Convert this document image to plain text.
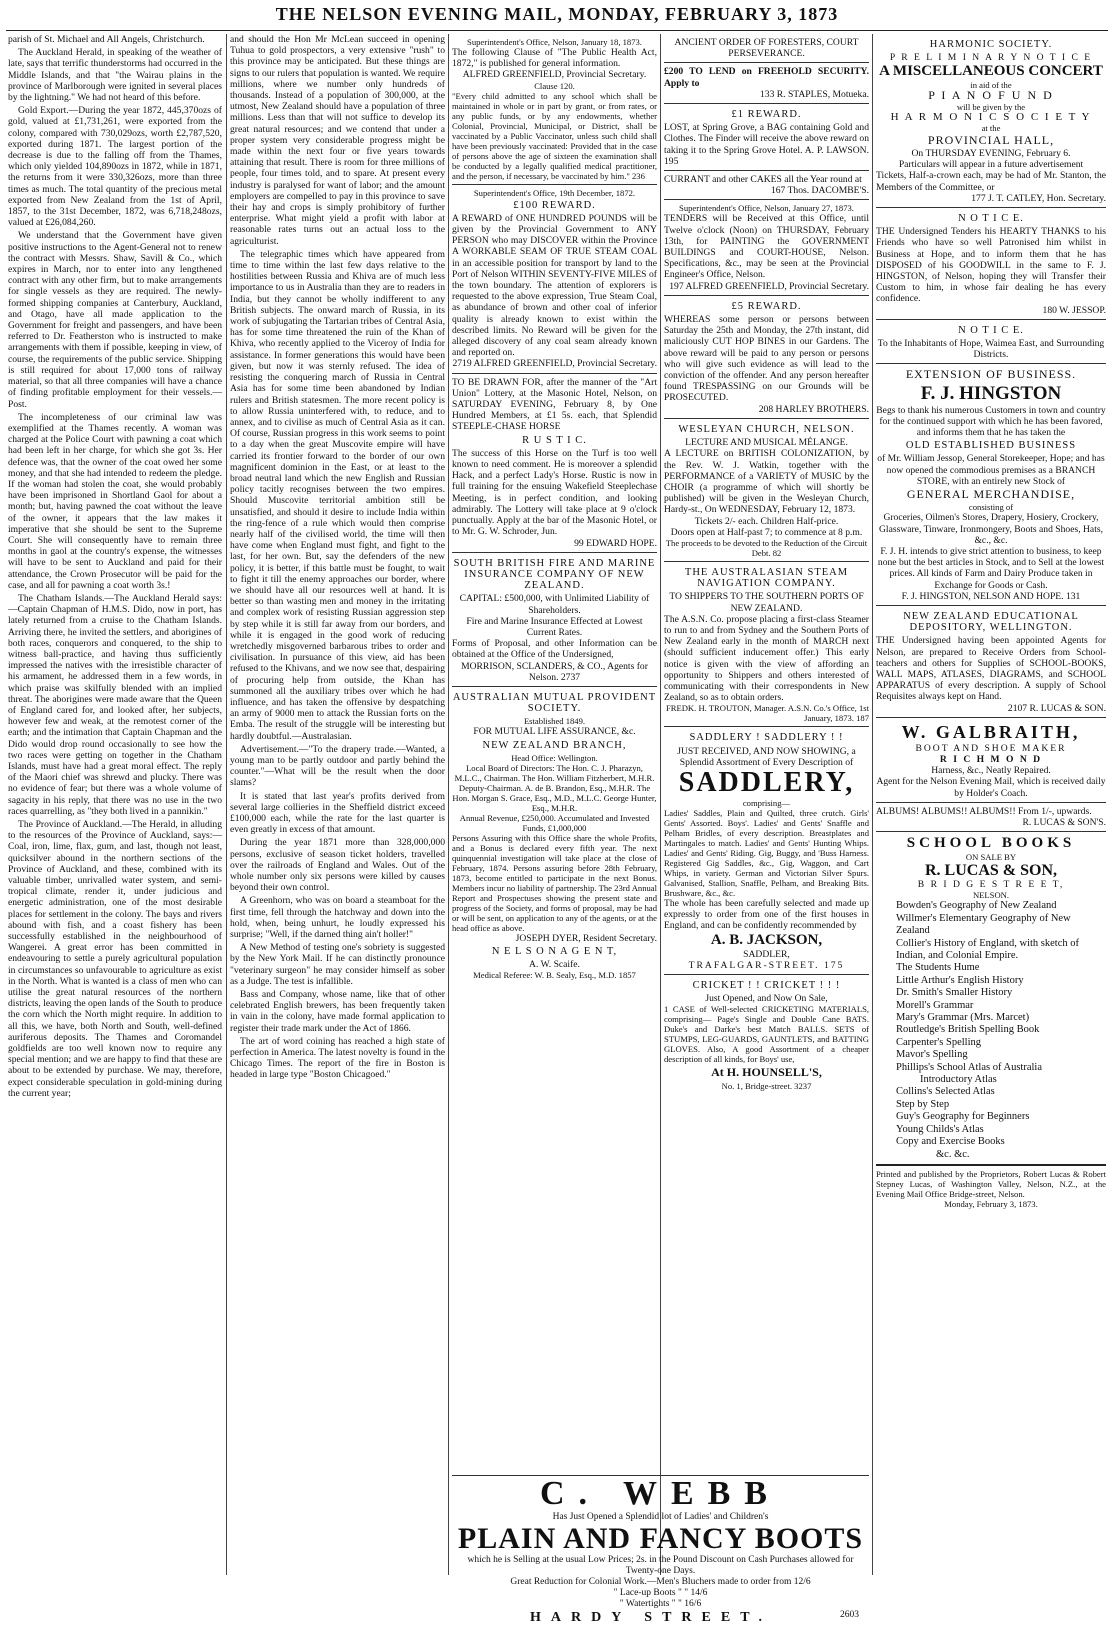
THE NELSON EVENING MAIL, MONDAY, FEBRUARY 3, 1873

parish of St. Michael and All Angels, Christchurch.

The Auckland Herald, in speaking of the weather of late, says that terrific thunderstorms had occurred in the Middle Islands, and that "the Wairau plains in the province of Marlborough were ignited in several places by the lightning." We had not heard of this before.

Gold Export.—During the year 1872, 445,370ozs of gold, valued at £1,731,261, were exported from the colony, compared with 730,029ozs, worth £2,787,520, exported during 1871. The largest portion of the decrease is due to the falling off from the Thames, which only yielded 104,890ozs in 1872, while in 1871, the returns from it were 330,326ozs, more than three times as much. The total quantity of the precious metal exported from New Zealand from the 1st of April, 1857, to the 31st December, 1872, was 6,718,248ozs, valued at £26,084,260.

We understand that the Government have given positive instructions to the Agent-General not to renew the contract with Messrs. Shaw, Savill & Co., which expires in March, nor to enter into any lengthened contract with any other firm, but to make arrangements for single vessels as they are required. The newly-formed shipping companies at Canterbury, Auckland, and Otago, have all made application to the Government for freight and passengers, and have been referred to Dr. Featherston who is instructed to make arrangements with them if possible, keeping in view, of course, the requirements of the public service. Shipping is still required for about 17,000 tons of railway material, so that all three companies will have a chance of finding profitable employment for their vessels.—Post.

The incompleteness of our criminal law was exemplified at the Thames recently. A woman was charged at the Police Court with pawning a coat which had been left in her charge, for which she got 3s. Her defence was, that the owner of the coat owed her some money, and that she had intended to redeem the pledge. If the woman had stolen the coat, she would probably have been imprisoned in Shortland Gaol for about a month; but, having pawned the coat without the leave of the owner, it appears that the law makes it imperative that she should be sent to the Supreme Court. She will consequently have to remain three months in gaol at the country's expense, the witnesses will have to be sent to Auckland and paid for their attendance, the Crown Prosecutor will be paid for the case, and all for pawning a coat worth 3s.!

The Chatham Islands.—The Auckland Herald says:—Captain Chapman of H.M.S. Dido, now in port, has lately returned from a cruise to the Chatham Islands. Arriving there, he invited the settlers, and aborigines of both races, conquerors and conquered, to the ship to witness ball-practice, and having thus sufficiently impressed the natives with the irresistible character of his armament, he addressed them in a few words, in which praise was skilfully blended with an implied threat. The aborigines were made aware that the Queen of England cared for, and looked after, her subjects, however few and weak, at the remotest corner of the earth; and the intimation that Captain Chapman and the Dido would drop round occasionally to see how the two races were getting on together in the Chatham Islands, must have had a great moral effect. The reply of the Maori chief was shrewd and plucky. There was no evidence of fear; but there was a whole volume of sagacity in his reply, that there was no use in the two races quarrelling, as "they both lived in a pannikin."

The Province of Auckland.—The Herald, in alluding to the resources of the Province of Auckland, says:—Coal, iron, lime, flax, gum, and last, though not least, quicksilver abound in the northern sections of the Province of Auckland, and these, combined with its valuable timber, unrivalled water system, and semi-tropical climate, render it, under judicious and energetic administration, one of the most desirable places for settlement in the colony. The bays and rivers abound with fish, and a coast fishery has been successfully established in the neighbourhood of Wangerei. A great error has been committed in endeavouring to settle a purely agricultural population in circumstances so unfavourable to agriculture as exist in the North. What is wanted is a class of men who can utilise the great natural resources of the northern districts, leaving the open lands of the South to produce the corn which the North might require. In addition to all this, we have, both North and South, well-defined auriferous deposits. The Thames and Coromandel goldfields are too well known now to require any special mention; and we are happy to find that these are about to be extended by purchase. We may, therefore, expect considerable speculation in gold-mining during the current year;

and should the Hon Mr McLean succeed in opening Tuhua to gold prospectors, a very extensive "rush" to this province may be anticipated. But these things are signs to our rulers that population is wanted. We require millions, where we number only hundreds of thousands. Instead of a population of 300,000, at the utmost, New Zealand should have a population of three millions. Less than that will not suffice to develop its great natural resources; and we contend that under a proper system very considerable progress might be made within the next four or five years towards attaining that result. There is room for three millions of people, four times told, and to spare. At present every industry is paralysed for want of labor; and the amount employers are compelled to pay in this province to save their hay and crops is simply prohibitory of further enterprise. What might yield a profit with labor at reasonable rates turns out an actual loss to the agriculturist.

The telegraphic times which have appeared from time to time within the last few days relative to the hostilities between Russia and Khiva are of much less importance to us in Australia than they are to readers in India, but they cannot be wholly indifferent to any British subjects. The onward march of Russia, in its work of subjugating the Tartarian tribes of Central Asia, has for some time threatened the ruin of the Khan of Khiva, who recently applied to the Viceroy of India for assistance. In former generations this would have been given, but now it was sternly refused. The idea of resisting the conquering march of Russia in Central Asia has for some time been abandoned by Indian rulers and British statesmen. The more recent policy is to allow Russia uninterfered with, to reduce, and to annex, and to civilise as much of Central Asia as it can. Of course, Russian progress in this work seems to point to a day when the great Muscovite empire will have carried its frontier forward to the border of our own magnificent dominion in the East, or at least to the broad neutral land which the new English and Russian policy tacitly recognises between the two empires. Should Muscovite territorial ambition still be unsatisfied, and should it desire to include India within the ring-fence of a rule which would then comprise nearly half of the civilised world, the time will then have come when England must fight, and fight to the last, for her own. But, say the defenders of the new policy, it is better, if this battle must be fought, to wait to fight it till the enemy approaches our border, where we should have all our resources well at hand. It is better so than wasting men and money in the irritating and complex work of resisting Russian aggression step by step while it is still far away from our borders, and while it is engaged in the good work of reducing wretchedly misgoverned barbarous tribes to order and civilisation. In pursuance of this view, aid has been refused to the Khivans, and we now see that, despairing of procuring help from outside, the Khan has summoned all the auxiliary tribes over which he had influence, and has taken the offensive by despatching an army of 9000 men to attack the Russian forts on the Emba. The result of the struggle will be interesting but hardly doubtful.—Australasian.

Advertisement.—"To the drapery trade.—Wanted, a young man to be partly outdoor and partly behind the counter."—What will be the result when the door slams?

It is stated that last year's profits derived from several large collieries in the Sheffield district exceed £100,000 each, while the rate for the last quarter is even greatly in excess of that amount.

During the year 1871 more than 328,000,000 persons, exclusive of season ticket holders, travelled over the railroads of England and Wales. Out of the whole number only six persons were killed by causes beyond their own control.

A Greenhorn, who was on board a steamboat for the first time, fell through the hatchway and down into the hold, when, being unhurt, he loudly expressed his surprise; "Well, if the darned thing ain't holler!"

A New Method of testing one's sobriety is suggested by the New York Mail. If he can distinctly pronounce "veterinary surgeon" he may consider himself as sober as a Judge. The test is infallible.

Bass and Company, whose name, like that of other celebrated English brewers, has been frequently taken in vain in the colony, have made formal application to register their trade mark under the Act of 1866.

The art of word coining has reached a high state of perfection in America. The latest novelty is found in the Chicago Times. The report of the fire in Boston is headed in large type "Boston Chicagoed."

Superintendent's Office, Nelson, January 18, 1873.
The following Clause of "The Public Health Act, 1872," is published for general information.
ALFRED GREENFIELD, Provincial Secretary.
Clause 120.
"Every child admitted to any school which shall be maintained in whole or in part by grant, or from rates, or any public funds, or by any endowments, whether Colonial, Provincial, Municipal, or District, shall be vaccinated by a Public Vaccinator, unless such child shall have been previously vaccinated: Provided that in the case of persons above the age of sixteen the examination shall be conducted by a legally qualified medical practitioner, and the person, if necessary, be vaccinated by him." 236
Superintendent's Office, 19th December, 1872.
£100 REWARD.
A REWARD of ONE HUNDRED POUNDS will be given by the Provincial Government to ANY PERSON who may DISCOVER within the Province A WORKABLE SEAM OF TRUE STEAM COAL in an accessible position for transport by land to the Port of Nelson WITHIN SEVENTY-FIVE MILES of the town boundary. The attention of explorers is requested to the above expression, True Steam Coal, as abundance of brown and other coal of inferior quality is already known to exist within the described limits. No Reward will be given for the alleged discovery of any coal seam already known and reported on.
2719 ALFRED GREENFIELD, Provincial Secretary.
TO BE DRAWN FOR, after the manner of the "Art Union" Lottery, at the Masonic Hotel, Nelson, on SATURDAY EVENING, February 8, by One Hundred Members, at £1 5s. each, that Splendid STEEPLE-CHASE HORSE
R U S T I C.
The success of this Horse on the Turf is too well known to need comment. He is moreover a splendid Hack, and a perfect Lady's Horse. Rustic is now in full training for the ensuing Wakefield Steeplechase Meeting, is in perfect condition, and looking admirably. The Lottery will take place at 9 o'clock punctually. Apply at the bar of the Masonic Hotel, or to Mr. G. W. Schroder, Jun.
99 EDWARD HOPE.
SOUTH BRITISH FIRE AND MARINE INSURANCE COMPANY OF NEW ZEALAND.
CAPITAL: £500,000, with Unlimited Liability of Shareholders.
Fire and Marine Insurance Effected at Lowest Current Rates.
Forms of Proposal, and other Information can be obtained at the Office of the Undersigned,
MORRISON, SCLANDERS, & CO., Agents for Nelson. 2737
AUSTRALIAN MUTUAL PROVIDENT SOCIETY.
Established 1849.
FOR MUTUAL LIFE ASSURANCE, &c.
NEW ZEALAND BRANCH,
Head Office: Wellington.
Local Board of Directors: The Hon. C. J. Pharazyn, M.L.C., Chairman. The Hon. William Fitzherbert, M.H.R. Deputy-Chairman. A. de B. Brandon, Esq., M.H.R. The Hon. Morgan S. Grace, Esq., M.D., M.L.C. George Hunter, Esq., M.H.R.
Annual Revenue, £250,000. Accumulated and Invested Funds, £1,000,000
Persons Assuring with this Office share the whole Profits, and a Bonus is declared every fifth year. The next quinquennial investigation will take place at the close of February, 1874. Persons assuring before 28th February, 1873, become entitled to participate in the next Bonus. Members incur no liability of partnership. The 23rd Annual Report and Prospectuses showing the present state and progress of the Society, and forms of proposal, may be had or will be sent, on application to any of the agents, or at the head office as above.
JOSEPH DYER, Resident Secretary.
N E L S O N A G E N T,
A. W. Scaife.
Medical Referee: W. B. Sealy, Esq., M.D. 1857
ANCIENT ORDER OF FORESTERS, COURT PERSEVERANCE.
£200 TO LEND on FREEHOLD SECURITY. Apply to
133 R. STAPLES, Motueka.
£1 REWARD.
LOST, at Spring Grove, a BAG containing Gold and Clothes. The Finder will receive the above reward on taking it to the Spring Grove Hotel. A. P. LAWSON. 195
CURRANT and other CAKES all the Year round at
167 Thos. DACOMBE'S.
Superintendent's Office, Nelson, January 27, 1873.
TENDERS will be Received at this Office, until Twelve o'clock (Noon) on THURSDAY, February 13th, for PAINTING the GOVERNMENT BUILDINGS and COURT-HOUSE, Nelson. Specifications, &c., may be seen at the Provincial Engineer's Office, Nelson.
197 ALFRED GREENFIELD, Provincial Secretary.
£5 REWARD.
WHEREAS some person or persons between Saturday the 25th and Monday, the 27th instant, did maliciously CUT HOP BINES in our Gardens. The above reward will be paid to any person or persons who will give such evidence as will lead to the conviction of the offender. And any person hereafter found TRESPASSING on our Grounds will be PROSECUTED.
208 HARLEY BROTHERS.
WESLEYAN CHURCH, NELSON.
LECTURE AND MUSICAL MÉLANGE.
A LECTURE on BRITISH COLONIZATION, by the Rev. W. J. Watkin, together with the PERFORMANCE of a VARIETY of MUSIC by the CHOIR (a programme of which will shortly be published) will be given in the Wesleyan Church, Hardy-st., On WEDNESDAY, February 12, 1873.
Tickets 2/- each. Children Half-price.
Doors open at Half-past 7; to commence at 8 p.m.
The proceeds to be devoted to the Reduction of the Circuit Debt. 82
THE AUSTRALASIAN STEAM NAVIGATION COMPANY.
TO SHIPPERS TO THE SOUTHERN PORTS OF NEW ZEALAND.
The A.S.N. Co. propose placing a first-class Steamer to run to and from Sydney and the Southern Ports of New Zealand early in the month of MARCH next (should sufficient inducement offer.) This early notice is given with the view of affording an opportunity to Shippers and others interested of communicating with their correspondents in New Zealand, so as to obtain orders.
FREDK. H. TROUTON, Manager. A.S.N. Co.'s Office, 1st January, 1873. 187
SADDLERY ! SADDLERY ! !
JUST RECEIVED, AND NOW SHOWING, a Splendid Assortment of Every Description of
SADDLERY,
comprising—
Ladies' Saddles, Plain and Quilted, three crutch. Girls' Gents' Assorted. Boys'. Ladies' and Gents' Snaffle and Pelham Bridles, of every description. Breastplates and Martingales to match. Ladies' and Gents' Hunting Whips. Ladies' and Gents' Riding. Gig, Buggy, and 'Buss Harness. Registered Gig Saddles, &c., Gig, Waggon, and Cart Whips, in variety. German and Victorian Silver Spurs. Galvanised, Stallion, Snaffle, Pelham, and Breaking Bits. Brushware, &c., &c.
The whole has been carefully selected and made up expressly to order from one of the first houses in England, and can be confidently recommended by
A. B. JACKSON,
SADDLER,
TRAFALGAR-STREET. 175
CRICKET ! ! CRICKET ! ! !
Just Opened, and Now On Sale,
1 CASE of Well-selected CRICKETING MATERIALS, comprising— Page's Single and Double Cane BATS. Duke's and Darke's best Match BALLS. SETS of STUMPS, LEG-GUARDS, GAUNTLETS, and BATTING GLOVES. Also, A good Assortment of a cheaper description of all kinds, for Boys' use,
At H. HOUNSELL'S,
No. 1, Bridge-street. 3237
HARMONIC SOCIETY.
P R E L I M I N A R Y N O T I C E
A MISCELLANEOUS CONCERT
in aid of the
P I A N O F U N D
will be given by the
H A R M O N I C S O C I E T Y
at the
PROVINCIAL HALL,
On THURSDAY EVENING, February 6.
Particulars will appear in a future advertisement
Tickets, Half-a-crown each, may be had of Mr. Stanton, the Members of the Committee, or
177 J. T. CATLEY, Hon. Secretary.
N O T I C E.
THE Undersigned Tenders his HEARTY THANKS to his Friends who have so well Patronised him whilst in Business at Hope, and to inform them that he has DISPOSED of his GOODWILL in the same to F. J. HINGSTON, of Nelson, hoping they will Transfer their Custom to him, in whose fair dealing he has every confidence.
180 W. JESSOP.
N O T I C E.
To the Inhabitants of Hope, Waimea East, and Surrounding Districts.
EXTENSION OF BUSINESS.
F. J. HINGSTON
Begs to thank his numerous Customers in town and country for the continued support with which he has been favored, and informs them that he has taken the
OLD ESTABLISHED BUSINESS
of Mr. William Jessop, General Storekeeper, Hope; and has now opened the commodious premises as a BRANCH STORE, with an entirely new Stock of
GENERAL MERCHANDISE,
consisting of
Groceries, Oilmen's Stores, Drapery, Hosiery, Crockery, Glassware, Tinware, Ironmongery, Boots and Shoes, Hats, &c., &c.
F. J. H. intends to give strict attention to business, to keep none but the best articles in Stock, and to Sell at the lowest prices. All kinds of Farm and Dairy Produce taken in Exchange for Goods or Cash.
F. J. HINGSTON, NELSON AND HOPE. 131
NEW ZEALAND EDUCATIONAL DEPOSITORY, WELLINGTON.
THE Undersigned having been appointed Agents for Nelson, are prepared to Receive Orders from School-teachers and others for Supplies of SCHOOL-BOOKS, WALL MAPS, ATLASES, DIAGRAMS, and SCHOOL APPARATUS of every description. A supply of School Requisites always kept on Hand.
2107 R. LUCAS & SON.
W. GALBRAITH,
BOOT AND SHOE MAKER
R I C H M O N D
Harness, &c., Neatly Repaired.
Agent for the Nelson Evening Mail, which is received daily by Holder's Coach.
ALBUMS! ALBUMS!! ALBUMS!! From 1/-, upwards.
R. LUCAS & SON'S.
SCHOOL BOOKS
ON SALE BY
R. LUCAS & SON,
B R I D G E S T R E E T,
NELSON.
Bowden's Geography of New Zealand
Willmer's Elementary Geography of New Zealand
Collier's History of England, with sketch of Indian, and Colonial Empire.
The Students Hume
Little Arthur's English History
Dr. Smith's Smaller History
Morell's Grammar
Mary's Grammar (Mrs. Marcet)
Routledge's British Spelling Book
Carpenter's Spelling
Mavor's Spelling
Phillips's School Atlas of Australia
Introductory Atlas
Collins's Selected Atlas
Step by Step
Guy's Geography for Beginners
Young Childs's Atlas
Copy and Exercise Books
&c. &c.
Printed and published by the Proprietors, Robert Lucas & Robert Stepney Lucas, of Washington Valley, Nelson, N.Z., at the Evening Mail Office Bridge-street, Nelson.
Monday, February 3, 1873.
C. WEBB
Has Just Opened a Splendid lot of Ladies' and Children's
PLAIN AND FANCY BOOTS
which he is Selling at the usual Low Prices; 2s. in the Pound Discount on Cash Purchases allowed for Twenty-one Days.
Great Reduction for Colonial Work.—Men's Bluchers made to order from 12/6
" Lace-up Boots " " 14/6
" Watertights " " 16/6
HARDY STREET.	2603
